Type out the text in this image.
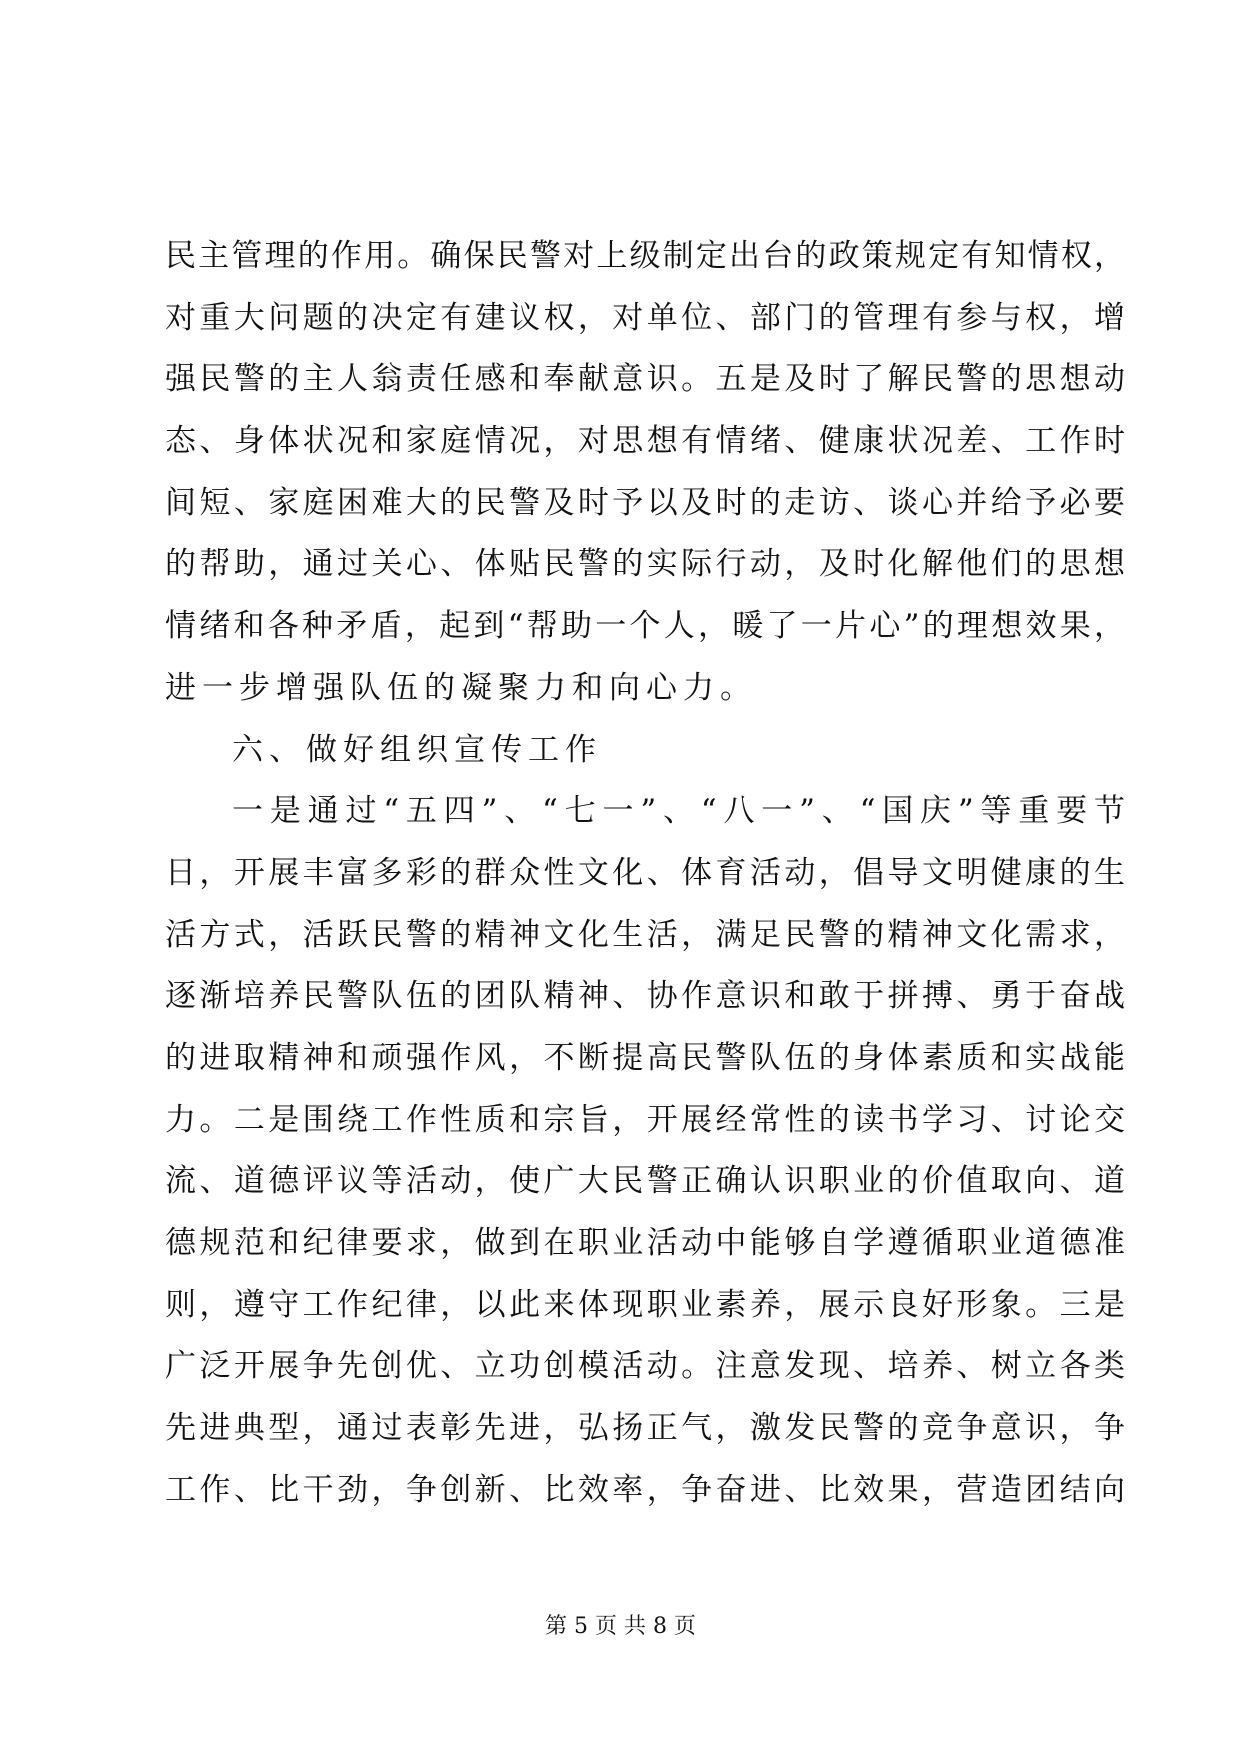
民主管理的作用。确保民警对上级制定出台的政策规定有知情权，
对重大问题的决定有建议权，对单位、部门的管理有参与权，增
强民警的主人翁责任感和奉献意识。五是及时了解民警的思想动
态、身体状况和家庭情况，对思想有情绪、健康状况差、工作时
间短、家庭困难大的民警及时予以及时的走访、谈心并给予必要
的帮助，通过关心、体贴民警的实际行动，及时化解他们的思想
情绪和各种矛盾，起到“帮助一个人，暖了一片心”的理想效果，
进一步增强队伍的凝聚力和向心力。
六、做好组织宣传工作
一是通过“五四”、“七一”、“八一”、“国庆”等重要节
日，开展丰富多彩的群众性文化、体育活动，倡导文明健康的生
活方式，活跃民警的精神文化生活，满足民警的精神文化需求，
逐渐培养民警队伍的团队精神、协作意识和敢于拼搏、勇于奋战
的进取精神和顽强作风，不断提高民警队伍的身体素质和实战能
力。二是围绕工作性质和宗旨，开展经常性的读书学习、讨论交
流、道德评议等活动，使广大民警正确认识职业的价值取向、道
德规范和纪律要求，做到在职业活动中能够自学遵循职业道德准
则，遵守工作纪律，以此来体现职业素养，展示良好形象。三是
广泛开展争先创优、立功创模活动。注意发现、培养、树立各类
先进典型，通过表彰先进，弘扬正气，激发民警的竞争意识，争
工作、比干劲，争创新、比效率，争奋进、比效果，营造团结向
第 5 页 共 8 页
